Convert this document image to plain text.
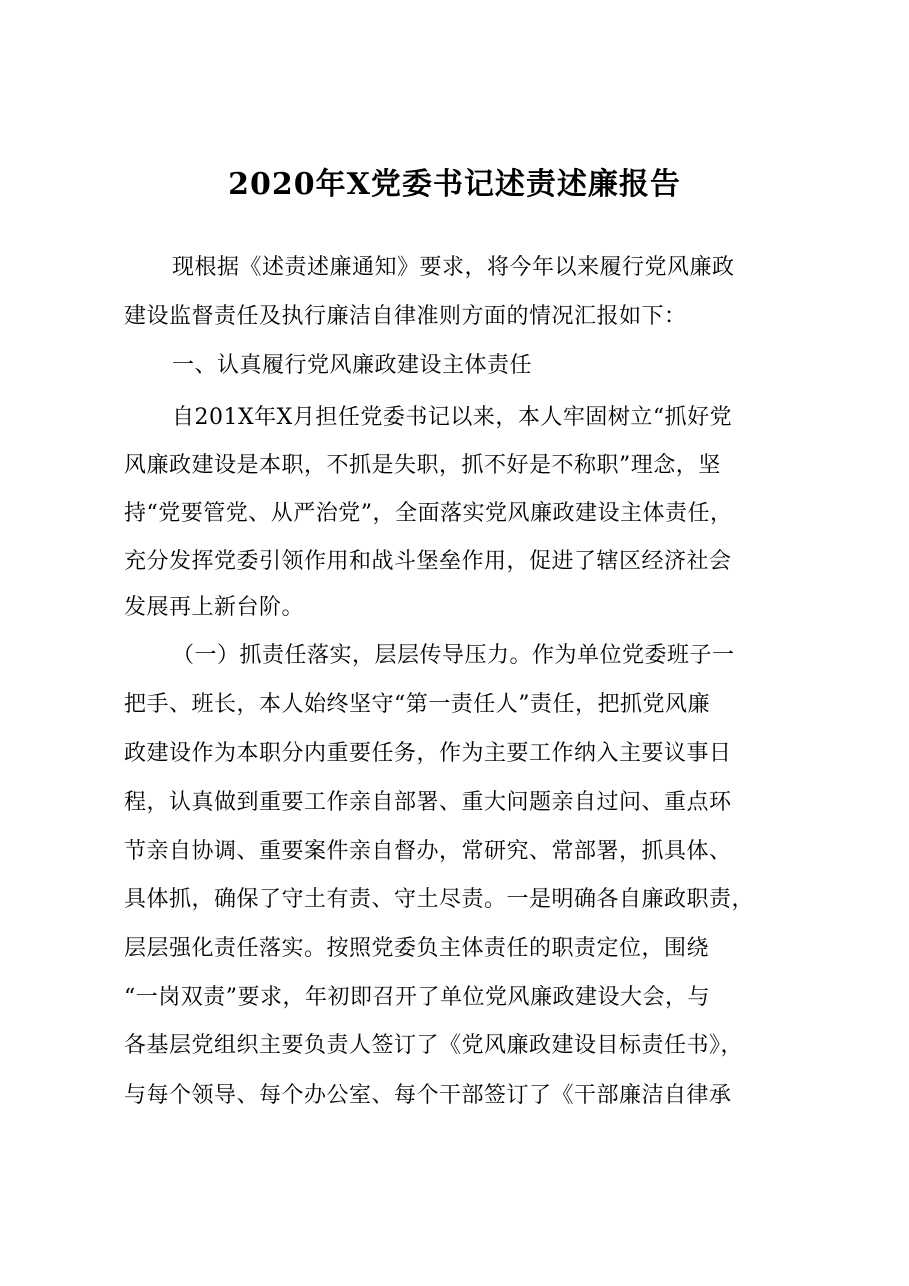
2020年X党委书记述责述廉报告
现根据《述责述廉通知》要求，将今年以来履行党风廉政
建设监督责任及执行廉洁自律准则方面的情况汇报如下：
一、认真履行党风廉政建设主体责任
自201X年X月担任党委书记以来，本人牢固树立“抓好党
风廉政建设是本职，不抓是失职，抓不好是不称职”理念，坚
持“党要管党、从严治党”，全面落实党风廉政建设主体责任，
充分发挥党委引领作用和战斗堡垒作用，促进了辖区经济社会
发展再上新台阶。
（一）抓责任落实，层层传导压力。作为单位党委班子一
把手、班长，本人始终坚守“第一责任人”责任，把抓党风廉
政建设作为本职分内重要任务，作为主要工作纳入主要议事日
程，认真做到重要工作亲自部署、重大问题亲自过问、重点环
节亲自协调、重要案件亲自督办，常研究、常部署，抓具体、
具体抓，确保了守土有责、守土尽责。一是明确各自廉政职责，
层层强化责任落实。按照党委负主体责任的职责定位，围绕
“一岗双责”要求，年初即召开了单位党风廉政建设大会，与
各基层党组织主要负责人签订了《党风廉政建设目标责任书》，
与每个领导、每个办公室、每个干部签订了《干部廉洁自律承
